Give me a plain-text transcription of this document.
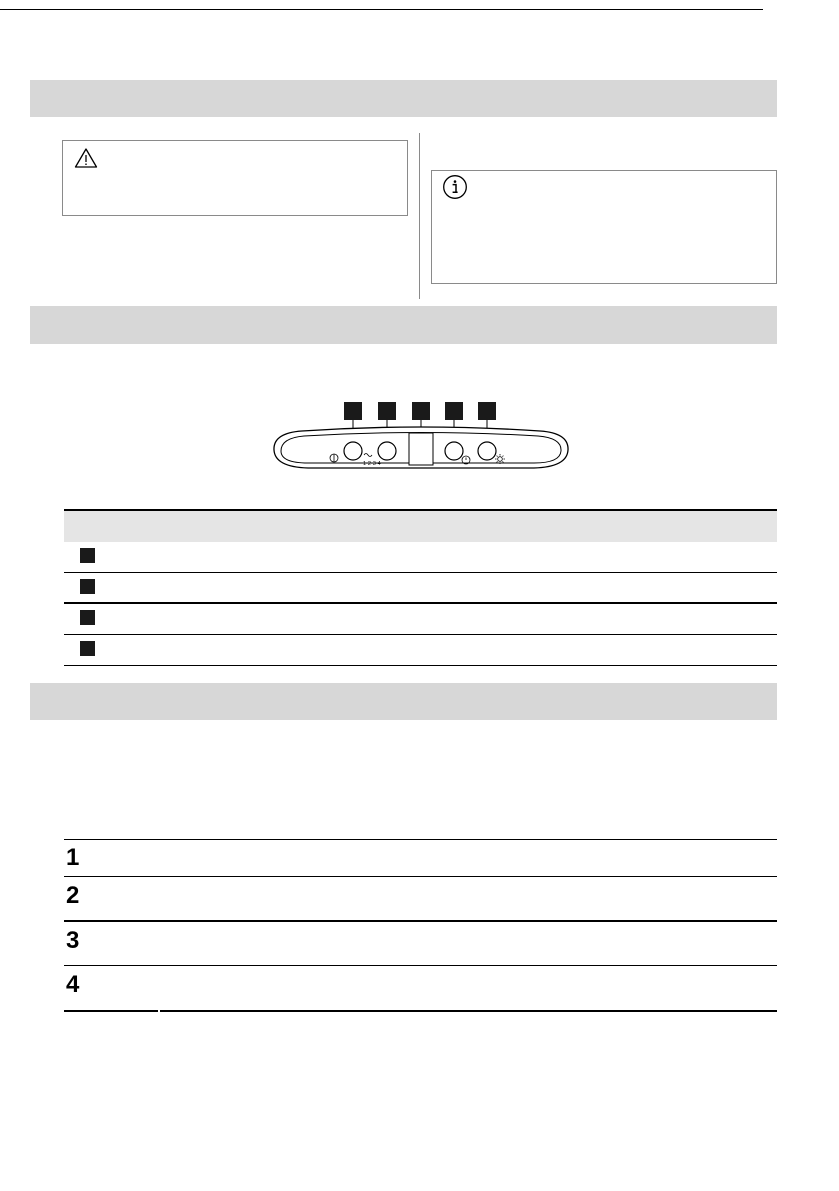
1·2·3·4
1
2
3
4
